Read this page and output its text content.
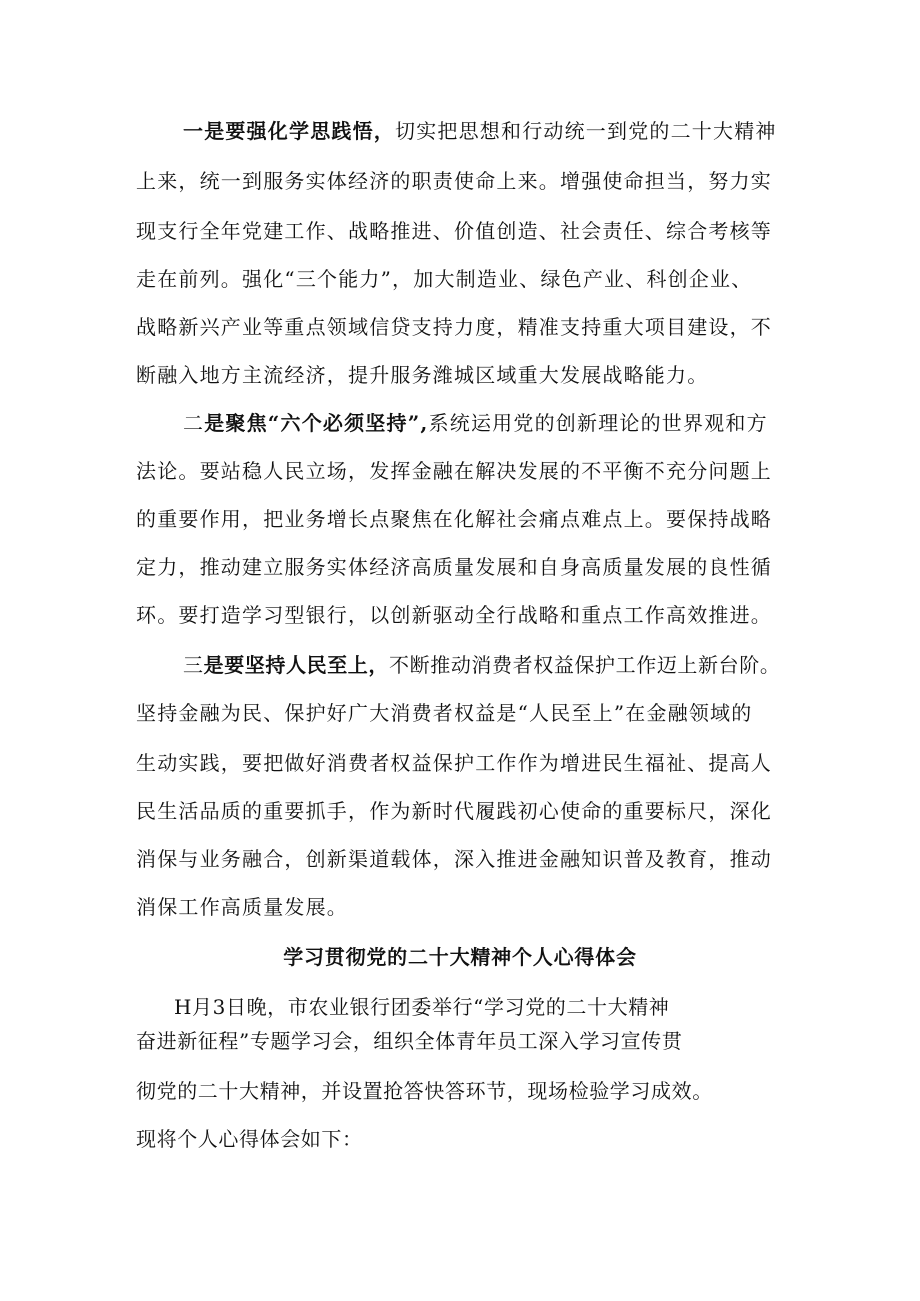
一是要强化学思践悟，切实把思想和行动统一到党的二十大精神
上来，统一到服务实体经济的职责使命上来。增强使命担当，努力实
现支行全年党建工作、战略推进、价值创造、社会责任、综合考核等
走在前列。强化“三个能力”，加大制造业、绿色产业、科创企业、
战略新兴产业等重点领域信贷支持力度，精准支持重大项目建设，不
断融入地方主流经济，提升服务潍城区域重大发展战略能力。
二是聚焦“六个必须坚持”,系统运用党的创新理论的世界观和方
法论。要站稳人民立场，发挥金融在解决发展的不平衡不充分问题上
的重要作用，把业务增长点聚焦在化解社会痛点难点上。要保持战略
定力，推动建立服务实体经济高质量发展和自身高质量发展的良性循
环。要打造学习型银行，以创新驱动全行战略和重点工作高效推进。
三是要坚持人民至上，不断推动消费者权益保护工作迈上新台阶。
坚持金融为民、保护好广大消费者权益是“人民至上”在金融领域的
生动实践，要把做好消费者权益保护工作作为增进民生福祉、提高人
民生活品质的重要抓手，作为新时代履践初心使命的重要标尺，深化
消保与业务融合，创新渠道载体，深入推进金融知识普及教育，推动
消保工作高质量发展。
学习贯彻党的二十大精神个人心得体会
H月3日晚，市农业银行团委举行“学习党的二十大精神
奋进新征程”专题学习会，组织全体青年员工深入学习宣传贯
彻党的二十大精神，并设置抢答快答环节，现场检验学习成效。
现将个人心得体会如下：
